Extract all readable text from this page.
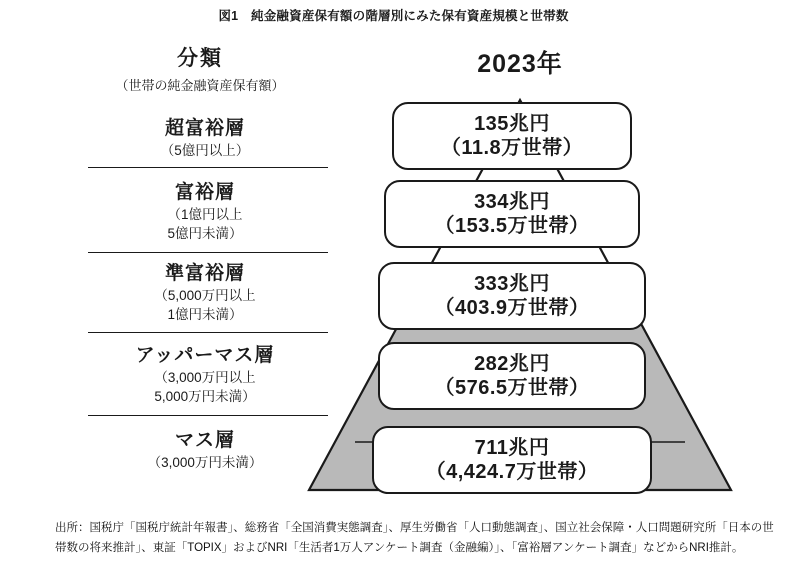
図1　純金融資産保有額の階層別にみた保有資産規模と世帯数
分類
（世帯の純金融資産保有額）
2023年
超富裕層
（5億円以上）
135兆円
（11.8万世帯）
富裕層
（1億円以上
5億円未満）
334兆円
（153.5万世帯）
準富裕層
（5,000万円以上
1億円未満）
333兆円
（403.9万世帯）
アッパーマス層
（3,000万円以上
5,000万円未満）
282兆円
（576.5万世帯）
マス層
（3,000万円未満）
711兆円
（4,424.7万世帯）
出所：国税庁「国税庁統計年報書」、総務省「全国消費実態調査」、厚生労働省「人口動態調査」、国立社会保障・人口問題研究所「日本の世
帯数の将来推計」、東証「TOPIX」およびNRI「生活者1万人アンケート調査（金融編）」、「富裕層アンケート調査」などからNRI推計。
